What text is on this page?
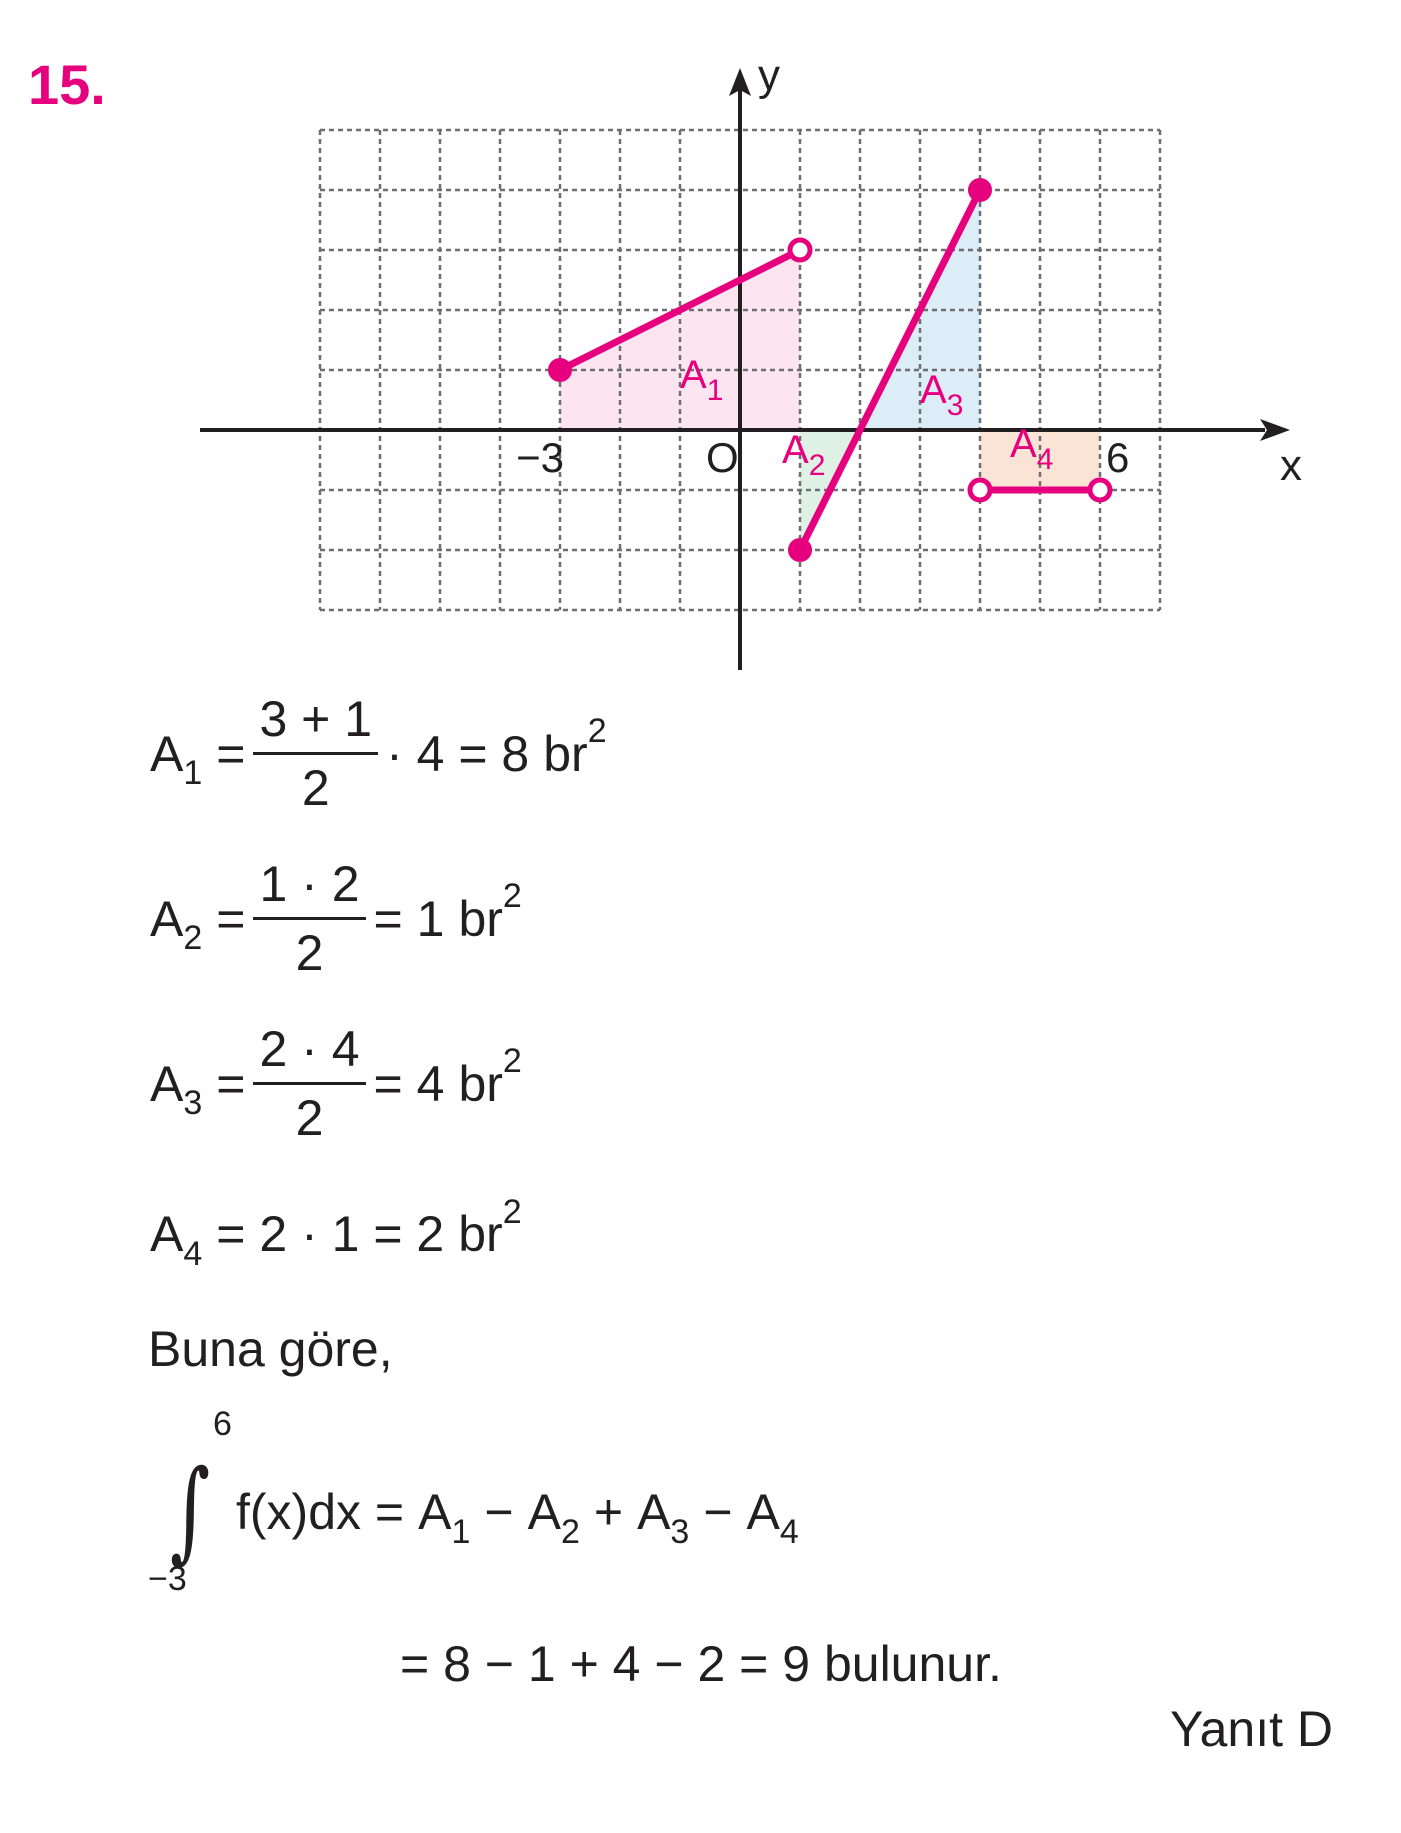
15.	y
x
O
−3	6
$A_1$
$A_2$
$A_3$
$A_4$
A $1 = \frac{3 + 1}{2} \cdot 4 = 8$ br 2
A $2 = \frac{1 \cdot 2}{2} = 1$ br 2
A $3 = \frac{2 \cdot 4}{2} = 4$ br 2
A 4 = 2 · 1 = 2 br 2
Buna göre,
6
∫
−3
f(x)dx = A 1 − A 2 + A 3 − A 4
= 8 − 1 + 4 − 2 = 9 bulunur.
Yanıt D
